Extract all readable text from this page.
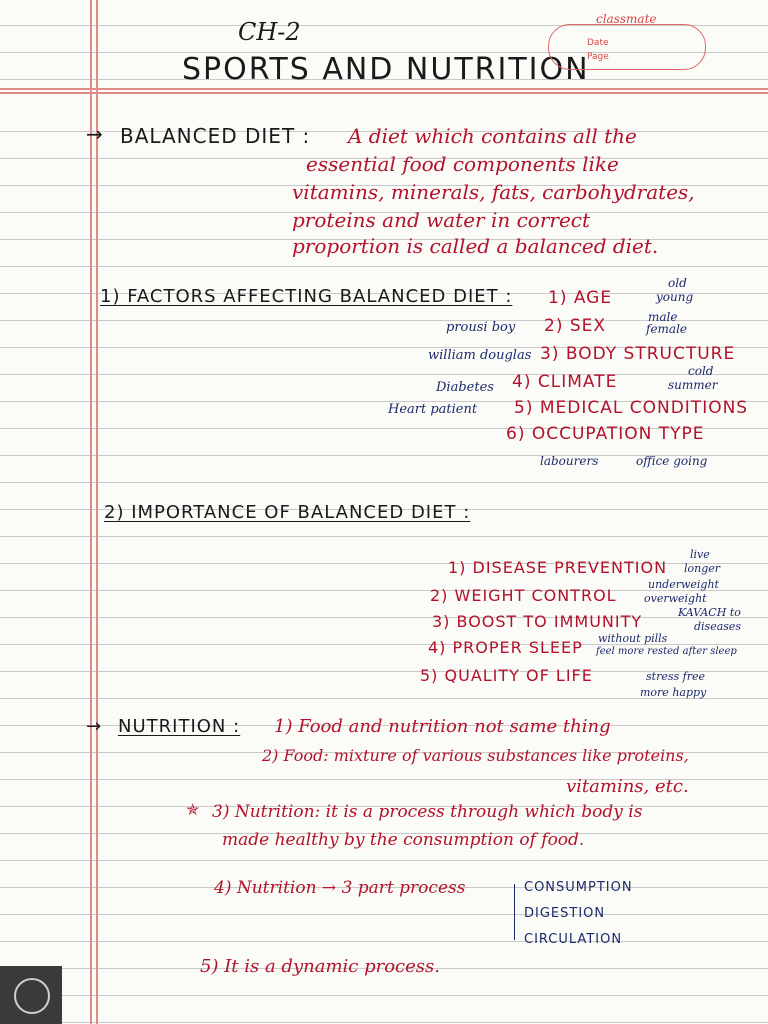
CH-2
SPORTS AND NUTRITION
classmate
Date
Page
→ BALANCED DIET : A diet which contains all the
essential food components like
vitamins, minerals, fats, carbohydrates,
proteins and water in correct
proportion is called a balanced diet.
1) FACTORS AFFECTING BALANCED DIET : 1) AGE
old
young
prousi boy 2) SEX	male
female
william douglas 3) BODY STRUCTURE
Diabetes 4) CLIMATE
cold
summer
Heart patient 5) MEDICAL CONDITIONS
6) OCCUPATION TYPE
labourers	office going
2) IMPORTANCE OF BALANCED DIET :
1) DISEASE PREVENTION
live
longer
2) WEIGHT CONTROL
underweight
overweight
3) BOOST TO IMMUNITY	KAVACH to
diseases
4) PROPER SLEEP without pills
feel more rested after sleep
5) QUALITY OF LIFE	stress free
more happy
→ NUTRITION : 1) Food and nutrition not same thing
2) Food: mixture of various substances like proteins,
vitamins, etc.
✯ 3) Nutrition: it is a process through which body is
made healthy by the consumption of food.
4) Nutrition → 3 part process	CONSUMPTION
DIGESTION
CIRCULATION
5) It is a dynamic process.
